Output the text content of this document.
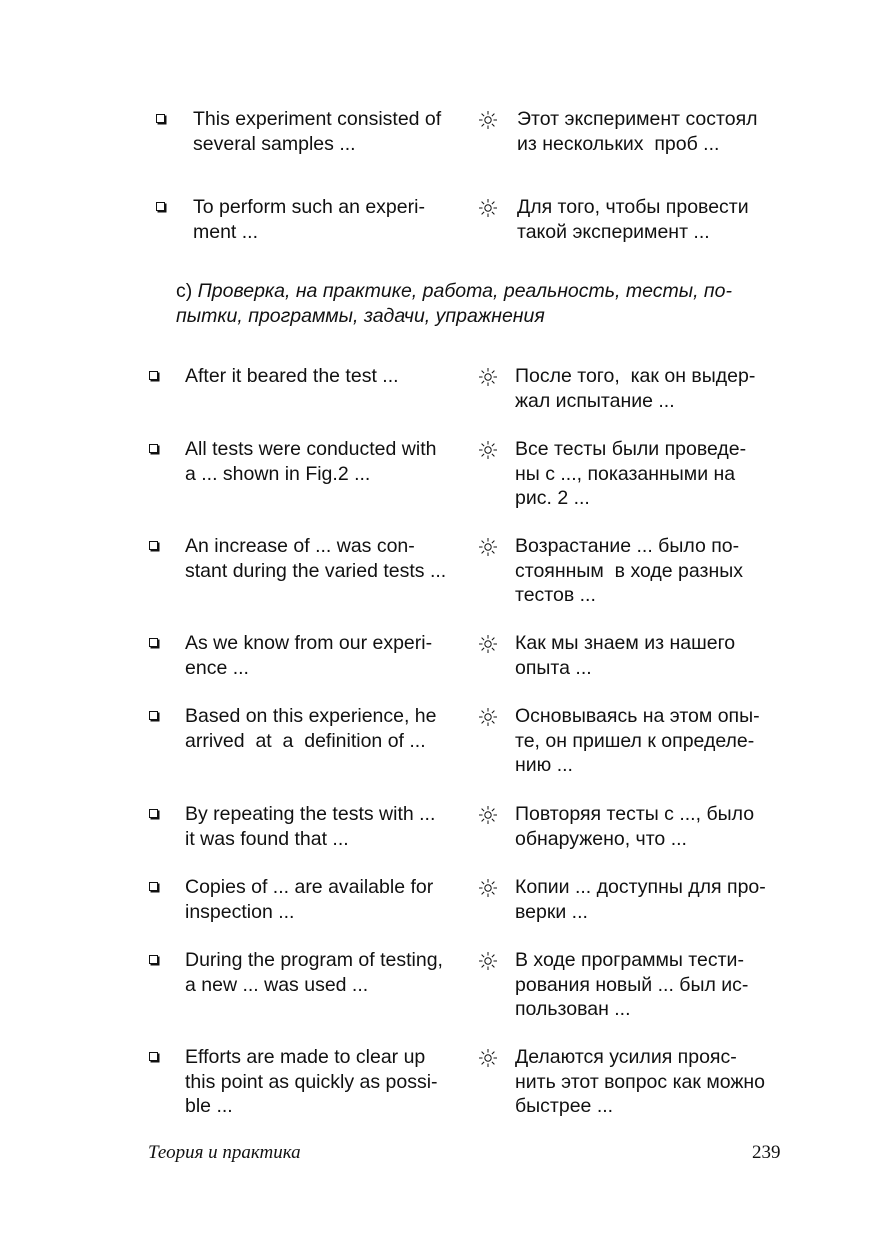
This experiment consisted of
several samples ...
Этот эксперимент состоял
из нескольких  проб ...
To perform such an experi-
ment ...
Для того, чтобы провести
такой эксперимент ...
с) Проверка, на практике, работа, реальность, тесты, по-
пытки, программы, задачи, упражнения
After it beared the test ...	После того,  как он выдер-
жал испытание ...
All tests were conducted with
a ... shown in Fig.2 ...
Все тесты были проведе-
ны с ..., показанными на
рис. 2 ...
An increase of ... was con-
stant during the varied tests ...
Возрастание ... было по-
стоянным  в ходе разных
тестов ...
As we know from our experi-
ence ...
Как мы знаем из нашего
опыта ...
Based on this experience, he
arrived  at  a  definition of ...
Основываясь на этом опы-
те, он пришел к определе-
нию ...
By repeating the tests with ...
it was found that ...
Повторяя тесты с ..., было
обнаружено, что ...
Copies of ... are available for
inspection ...
Копии ... доступны для про-
верки ...
During the program of testing,
a new ... was used ...
В ходе программы тести-
рования новый ... был ис-
пользован ...
Efforts are made to clear up
this point as quickly as possi-
ble ...
Делаются усилия прояс-
нить этот вопрос как можно
быстрее ...
Теория и практика	239
